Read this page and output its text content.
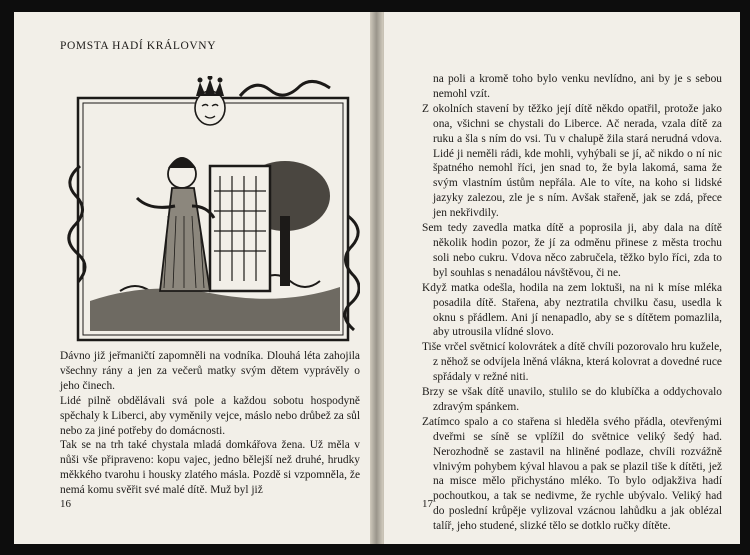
POMSTA HADÍ KRÁLOVNY

Dávno již jeřmaničtí zapomněli na vodníka. Dlouhá léta zahojila všechny rány a jen za večerů matky svým dětem vyprávěly o jeho činech.

Lidé pilně obdělávali svá pole a každou sobotu hospodyně spěchaly k Liberci, aby vyměnily vejce, máslo nebo drůbež za sůl nebo za jiné potřeby do domácnosti.

Tak se na trh také chystala mladá domkářova žena. Už měla v nůši vše připraveno: kopu vajec, jedno bělejší než druhé, hrudky měkkého tvarohu i housky zlatého másla. Pozdě si vzpomněla, že nemá komu svěřit své malé dítě. Muž byl již

16

na poli a kromě toho bylo venku nevlídno, ani by je s sebou nemohl vzít.

Z okolních stavení by těžko její dítě někdo opatřil, protože jako ona, všichni se chystali do Liberce. Ač nerada, vzala dítě za ruku a šla s ním do vsi. Tu v chalupě žila stará nerudná vdova. Lidé ji neměli rádi, kde mohli, vyhýbali se jí, ač nikdo o ní nic špatného nemohl říci, jen snad to, že byla lakomá, sama že svým vlastním ústům nepřála. Ale to víte, na koho si lidské jazyky zalezou, zle je s ním. Avšak stařeně, jak se zdá, přece jen nekřivdily.

Sem tedy zavedla matka dítě a poprosila ji, aby dala na dítě několik hodin pozor, že jí za odměnu přinese z města trochu soli nebo cukru. Vdova něco zabručela, těžko bylo říci, zda to byl souhlas s nenadálou návštěvou, či ne.

Když matka odešla, hodila na zem loktuši, na ni k míse mléka posadila dítě. Stařena, aby neztratila chvilku času, usedla k oknu s přádlem. Ani jí nenapadlo, aby se s dítětem pomazlila, aby utrousila vlídné slovo.

Tiše vrčel světnicí kolovrátek a dítě chvíli pozorovalo hru kužele, z něhož se odvíjela lněná vlákna, která kolovrat a dovedné ruce spřádaly v režné niti.

Brzy se však dítě unavilo, stulilo se do klubíčka a oddychovalo zdravým spánkem.

Zatímco spalo a co stařena si hleděla svého přádla, otevřenými dveřmi se síně se vplížil do světnice veliký šedý had. Nerozhodně se zastavil na hliněné podlaze, chvíli rozvážně vlnivým pohybem kýval hlavou a pak se plazil tiše k dítěti, jež na misce mělo přichystáno mléko. To bylo odjakživa hadí pochoutkou, a tak se nedivme, že rychle ubývalo. Veliký had do poslední krůpěje vylizoval vzácnou lahůdku a jak oblézal talíř, jeho studené, slizké tělo se dotklo ručky dítěte.

17
